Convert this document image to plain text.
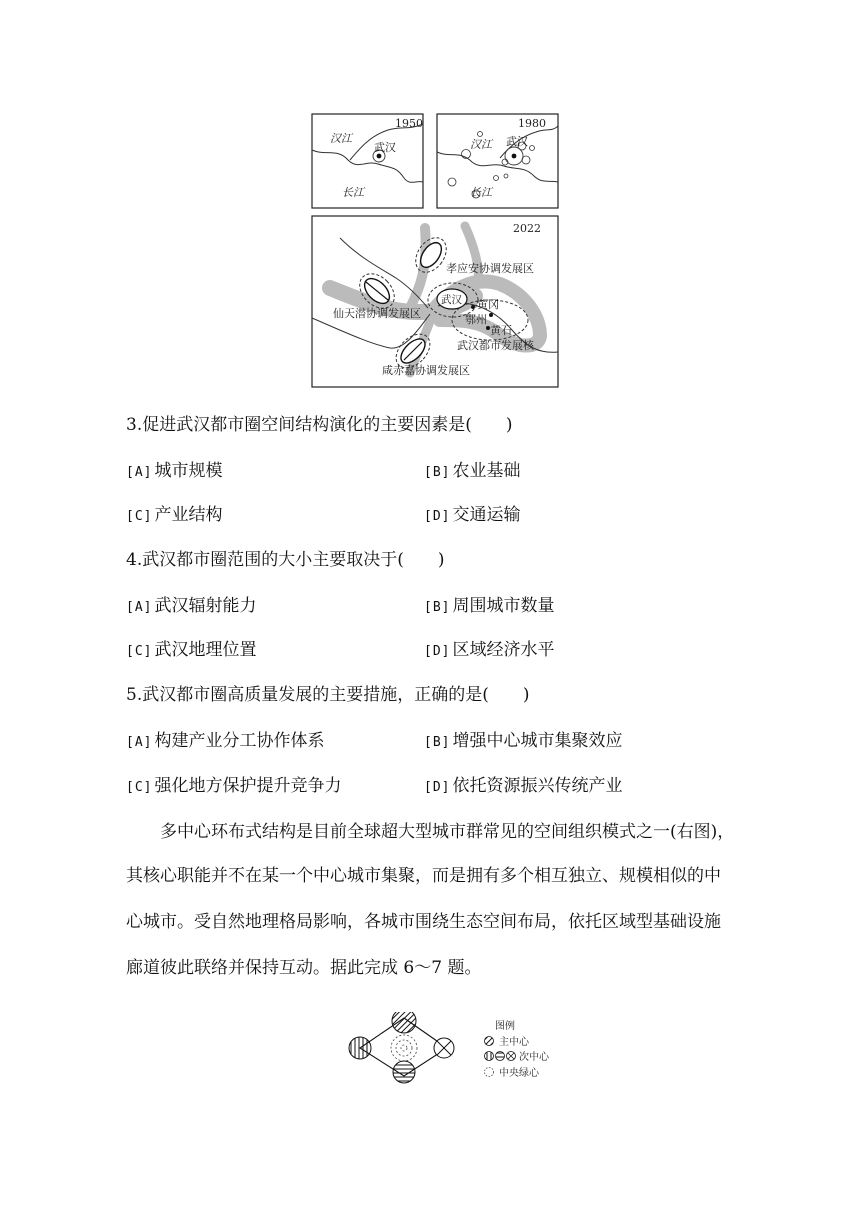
1950
汉江
武汉
长江
1980
汉江 武汉
长江
2022
孝应安协调发展区
仙天潜协调发展区
武汉 黄冈
鄂州
黄石
武汉都市发展核
咸赤嘉协调发展区
3.促进武汉都市圈空间结构演化的主要因素是(　　)
[A] 城市规模	[B] 农业基础
[C] 产业结构	[D] 交通运输
4.武汉都市圈范围的大小主要取决于(　　)
[A] 武汉辐射能力	[B] 周围城市数量
[C] 武汉地理位置	[D] 区域经济水平
5.武汉都市圈高质量发展的主要措施，正确的是(　　)
[A] 构建产业分工协作体系	[B] 增强中心城市集聚效应
[C] 强化地方保护提升竞争力	[D] 依托资源振兴传统产业
多中心环布式结构是目前全球超大型城市群常见的空间组织模式之一(右图)，
其核心职能并不在某一个中心城市集聚，而是拥有多个相互独立、规模相似的中
心城市。受自然地理格局影响，各城市围绕生态空间布局，依托区域型基础设施
廊道彼此联络并保持互动。据此完成 6～7 题。
图例
主中心
次中心
中央绿心
